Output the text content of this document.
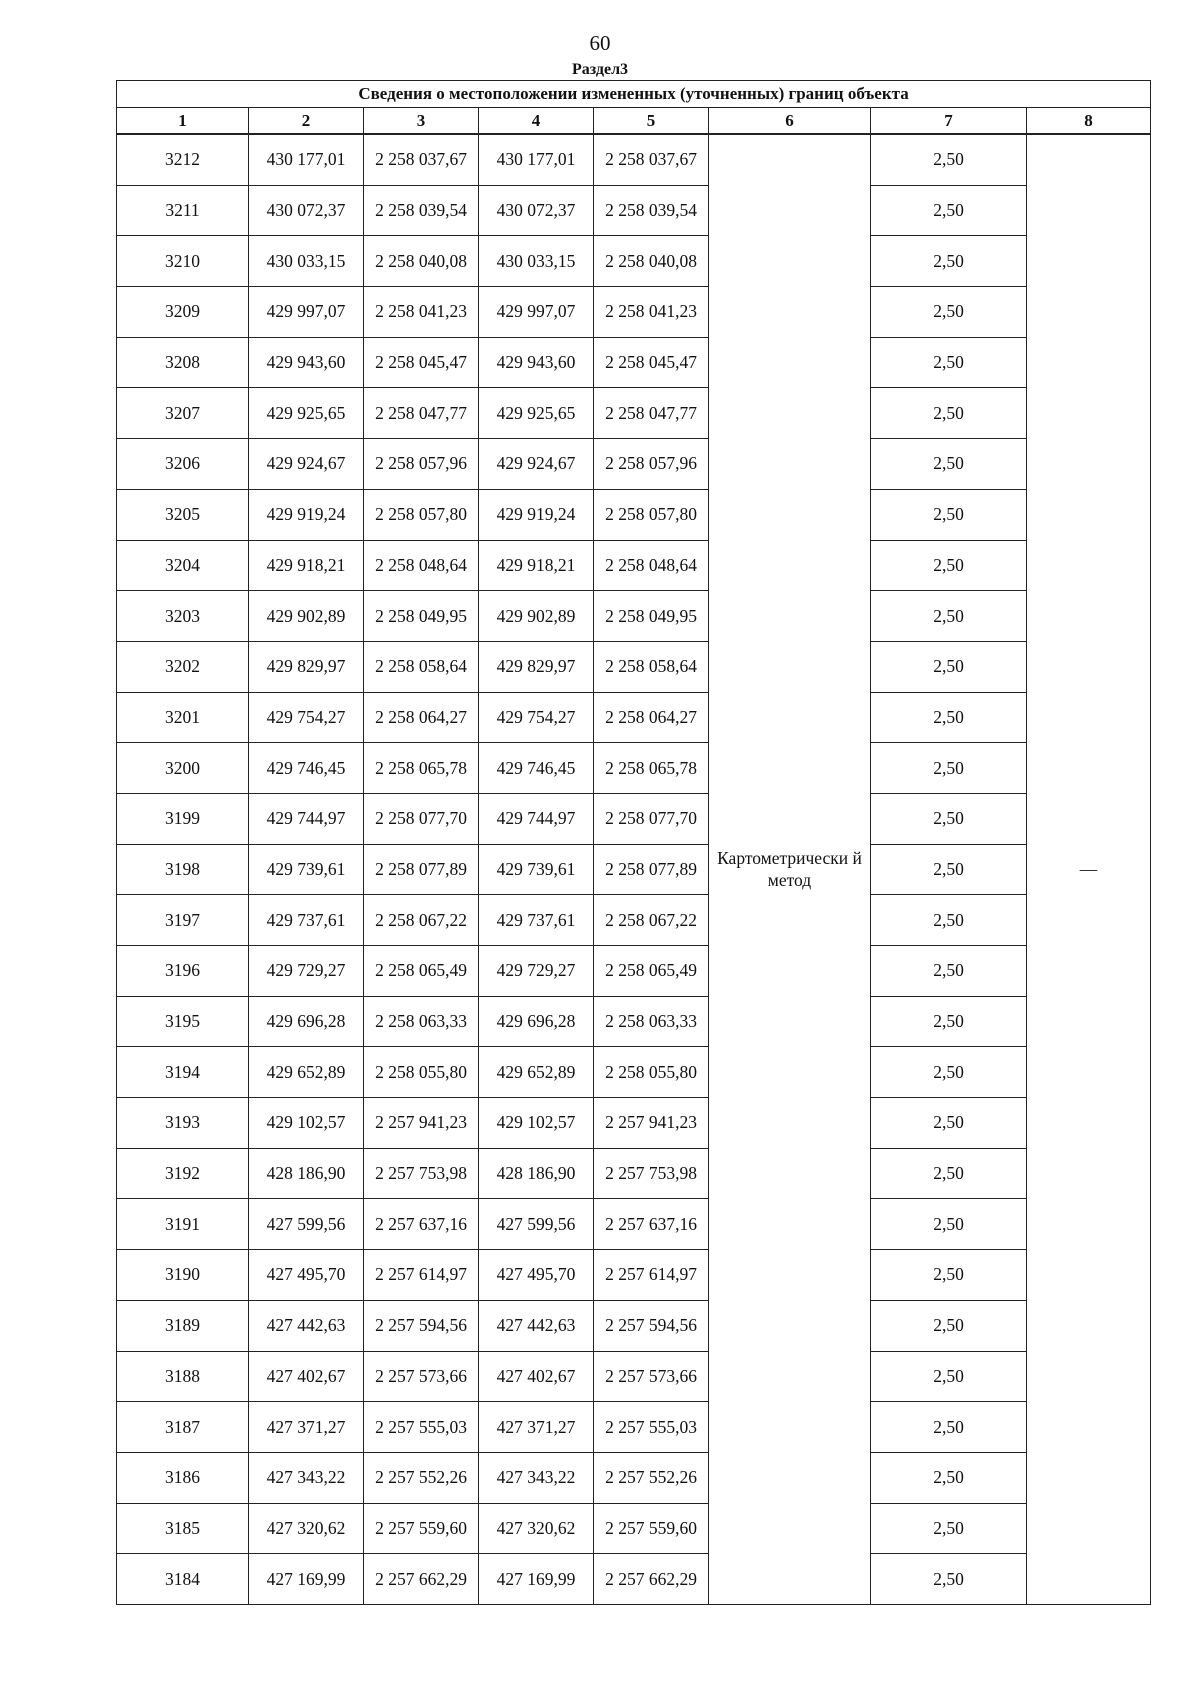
60
Раздел3
Сведения о местоположении измененных (уточненных) границ объекта							
1	2	3	4	5	6	7	8
3212	430 177,01	2 258 037,67	430 177,01	2 258 037,67	Картометрически й метод	2,50	—
3211	430 072,37	2 258 039,54	430 072,37	2 258 039,54		2,50	
3210	430 033,15	2 258 040,08	430 033,15	2 258 040,08		2,50	
3209	429 997,07	2 258 041,23	429 997,07	2 258 041,23		2,50	
3208	429 943,60	2 258 045,47	429 943,60	2 258 045,47		2,50	
3207	429 925,65	2 258 047,77	429 925,65	2 258 047,77		2,50	
3206	429 924,67	2 258 057,96	429 924,67	2 258 057,96		2,50	
3205	429 919,24	2 258 057,80	429 919,24	2 258 057,80		2,50	
3204	429 918,21	2 258 048,64	429 918,21	2 258 048,64		2,50	
3203	429 902,89	2 258 049,95	429 902,89	2 258 049,95		2,50	
3202	429 829,97	2 258 058,64	429 829,97	2 258 058,64		2,50	
3201	429 754,27	2 258 064,27	429 754,27	2 258 064,27		2,50	
3200	429 746,45	2 258 065,78	429 746,45	2 258 065,78		2,50	
3199	429 744,97	2 258 077,70	429 744,97	2 258 077,70		2,50	
3198	429 739,61	2 258 077,89	429 739,61	2 258 077,89		2,50	
3197	429 737,61	2 258 067,22	429 737,61	2 258 067,22		2,50	
3196	429 729,27	2 258 065,49	429 729,27	2 258 065,49		2,50	
3195	429 696,28	2 258 063,33	429 696,28	2 258 063,33		2,50	
3194	429 652,89	2 258 055,80	429 652,89	2 258 055,80		2,50	
3193	429 102,57	2 257 941,23	429 102,57	2 257 941,23		2,50	
3192	428 186,90	2 257 753,98	428 186,90	2 257 753,98		2,50	
3191	427 599,56	2 257 637,16	427 599,56	2 257 637,16		2,50	
3190	427 495,70	2 257 614,97	427 495,70	2 257 614,97		2,50	
3189	427 442,63	2 257 594,56	427 442,63	2 257 594,56		2,50	
3188	427 402,67	2 257 573,66	427 402,67	2 257 573,66		2,50	
3187	427 371,27	2 257 555,03	427 371,27	2 257 555,03		2,50	
3186	427 343,22	2 257 552,26	427 343,22	2 257 552,26		2,50	
3185	427 320,62	2 257 559,60	427 320,62	2 257 559,60		2,50	
3184	427 169,99	2 257 662,29	427 169,99	2 257 662,29		2,50	
